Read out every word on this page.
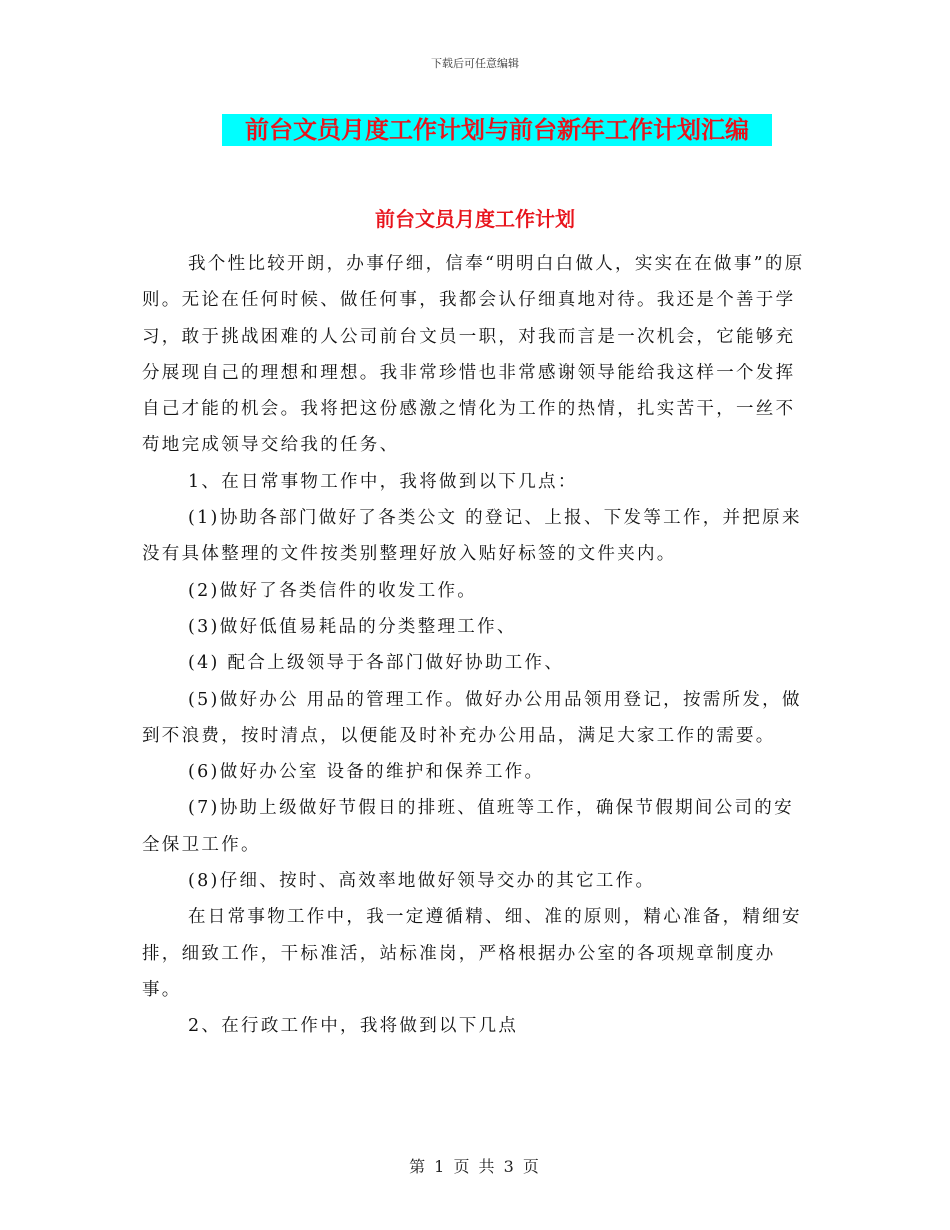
下载后可任意编辑
前台文员月度工作计划与前台新年工作计划汇编
前台文员月度工作计划

我个性比较开朗，办事仔细，信奉“明明白白做人，实实在在做事”的原则。无论在任何时候、做任何事，我都会认仔细真地对待。我还是个善于学习，敢于挑战困难的人公司前台文员一职，对我而言是一次机会，它能够充分展现自己的理想和理想。我非常珍惜也非常感谢领导能给我这样一个发挥自己才能的机会。我将把这份感激之情化为工作的热情，扎实苦干，一丝不苟地完成领导交给我的任务、

1、在日常事物工作中，我将做到以下几点：

(1)协助各部门做好了各类公文 的登记、上报、下发等工作，并把原来没有具体整理的文件按类别整理好放入贴好标签的文件夹内。

(2)做好了各类信件的收发工作。

(3)做好低值易耗品的分类整理工作、

(4) 配合上级领导于各部门做好协助工作、

(5)做好办公 用品的管理工作。做好办公用品领用登记，按需所发，做到不浪费，按时清点，以便能及时补充办公用品，满足大家工作的需要。

(6)做好办公室 设备的维护和保养工作。

(7)协助上级做好节假日的排班、值班等工作，确保节假期间公司的安全保卫工作。

(8)仔细、按时、高效率地做好领导交办的其它工作。

在日常事物工作中，我一定遵循精、细、准的原则，精心准备，精细安排，细致工作，干标准活，站标准岗，严格根据办公室的各项规章制度办事。

2、在行政工作中，我将做到以下几点

第 1 页 共 3 页
